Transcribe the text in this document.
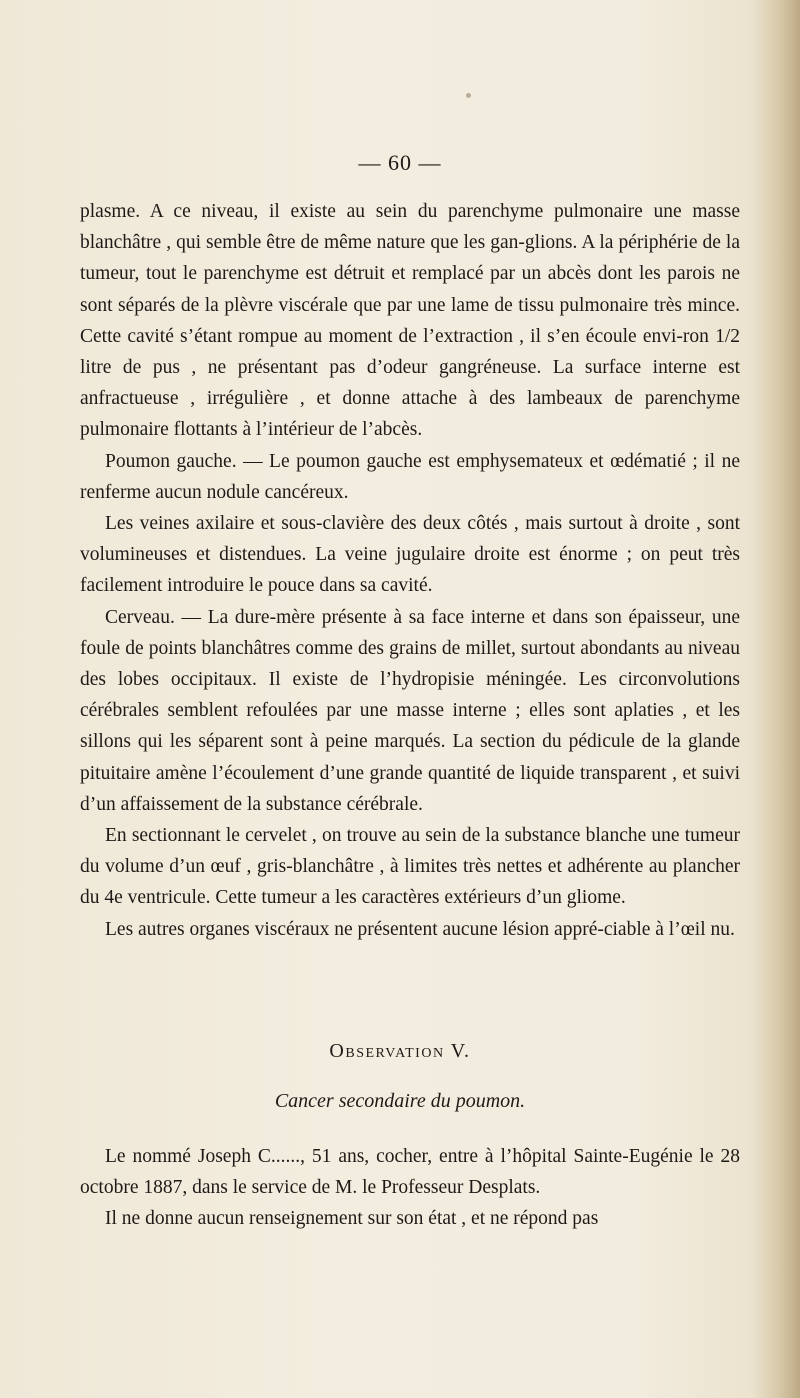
— 60 —

plasme. A ce niveau, il existe au sein du parenchyme pulmonaire une masse blanchâtre , qui semble être de même nature que les gan-glions. A la périphérie de la tumeur, tout le parenchyme est détruit et remplacé par un abcès dont les parois ne sont séparés de la plèvre viscérale que par une lame de tissu pulmonaire très mince. Cette cavité s’étant rompue au moment de l’extraction , il s’en écoule envi-ron 1/2 litre de pus , ne présentant pas d’odeur gangréneuse. La surface interne est anfractueuse , irrégulière , et donne attache à des lambeaux de parenchyme pulmonaire flottants à l’intérieur de l’abcès.

Poumon gauche. — Le poumon gauche est emphysemateux et œdématié ; il ne renferme aucun nodule cancéreux.

Les veines axilaire et sous-clavière des deux côtés , mais surtout à droite , sont volumineuses et distendues. La veine jugulaire droite est énorme ; on peut très facilement introduire le pouce dans sa cavité.

Cerveau. — La dure-mère présente à sa face interne et dans son épaisseur, une foule de points blanchâtres comme des grains de millet, surtout abondants au niveau des lobes occipitaux. Il existe de l’hydropisie méningée. Les circonvolutions cérébrales semblent refoulées par une masse interne ; elles sont aplaties , et les sillons qui les séparent sont à peine marqués. La section du pédicule de la glande pituitaire amène l’écoulement d’une grande quantité de liquide transparent , et suivi d’un affaissement de la substance cérébrale.

En sectionnant le cervelet , on trouve au sein de la substance blanche une tumeur du volume d’un œuf , gris-blanchâtre , à limites très nettes et adhérente au plancher du 4e ventricule. Cette tumeur a les caractères extérieurs d’un gliome.

Les autres organes viscéraux ne présentent aucune lésion appré-ciable à l’œil nu.

Observation V.
Cancer secondaire du poumon.

Le nommé Joseph C......, 51 ans, cocher, entre à l’hôpital Sainte-Eugénie le 28 octobre 1887, dans le service de M. le Professeur Desplats.

Il ne donne aucun renseignement sur son état , et ne répond pas
